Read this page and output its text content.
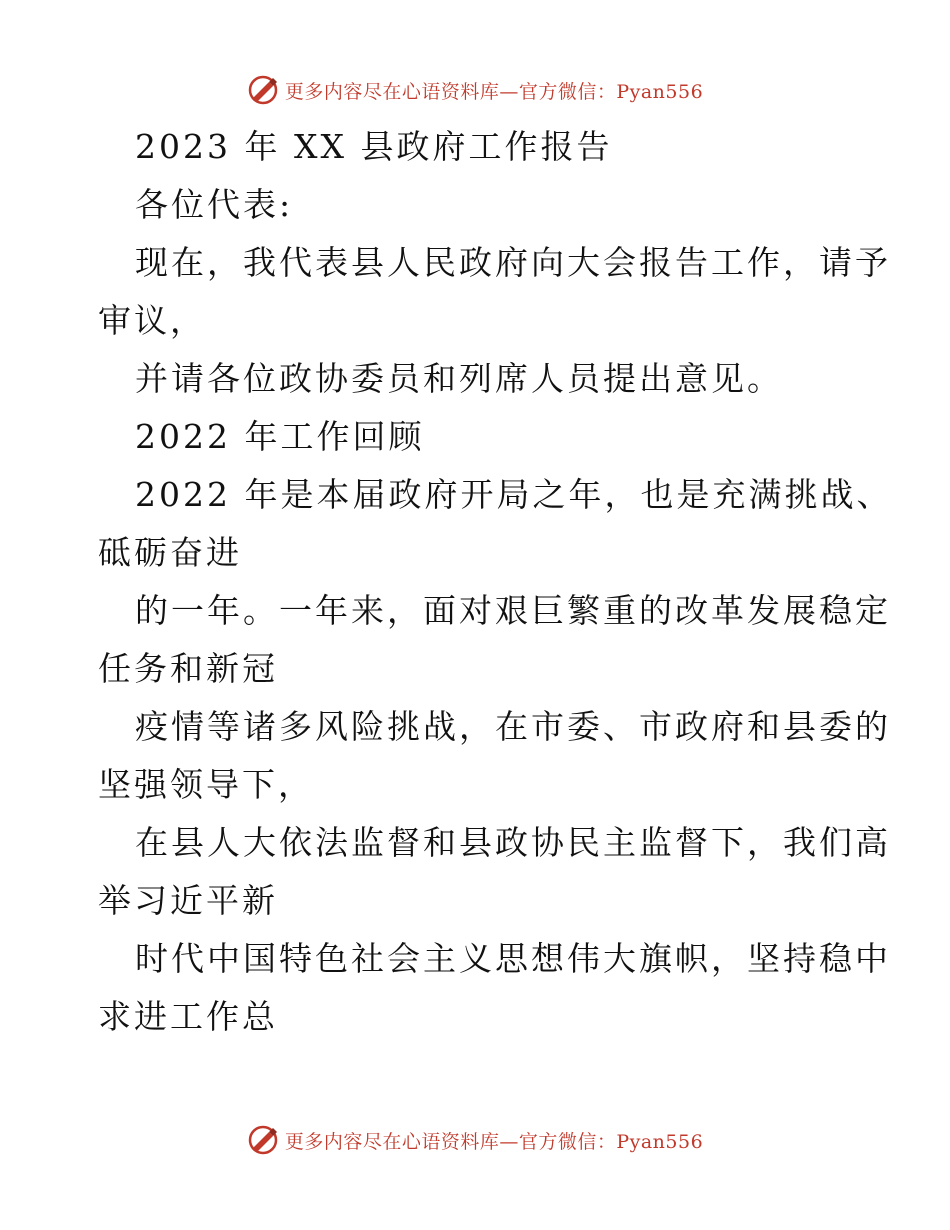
更多内容尽在心语资料库—官方微信：Pyan556
2023 年 XX 县政府工作报告
各位代表:
现在，我代表县人民政府向大会报告工作，请予
审议，
并请各位政协委员和列席人员提出意见。
2022 年工作回顾
2022 年是本届政府开局之年，也是充满挑战、
砥砺奋进
的一年。一年来，面对艰巨繁重的改革发展稳定
任务和新冠
疫情等诸多风险挑战，在市委、市政府和县委的
坚强领导下，
在县人大依法监督和县政协民主监督下，我们高
举习近平新
时代中国特色社会主义思想伟大旗帜，坚持稳中
求进工作总
更多内容尽在心语资料库—官方微信：Pyan556
